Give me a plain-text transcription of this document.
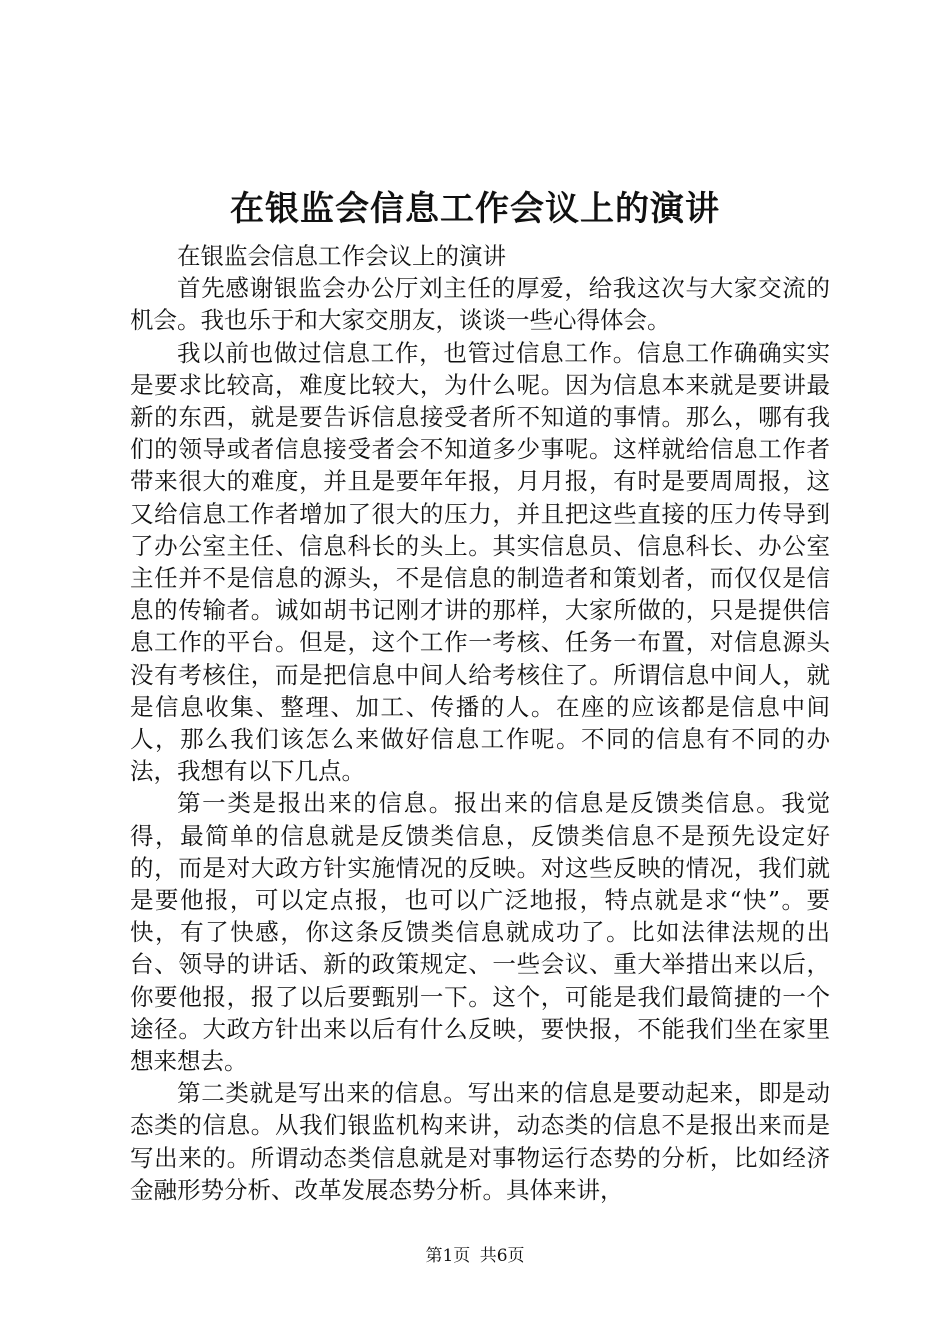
在银监会信息工作会议上的演讲

在银监会信息工作会议上的演讲

首先感谢银监会办公厅刘主任的厚爱，给我这次与大家交流的机会。我也乐于和大家交朋友，谈谈一些心得体会。

我以前也做过信息工作，也管过信息工作。信息工作确确实实是要求比较高，难度比较大，为什么呢。因为信息本来就是要讲最新的东西，就是要告诉信息接受者所不知道的事情。那么，哪有我们的领导或者信息接受者会不知道多少事呢。这样就给信息工作者带来很大的难度，并且是要年年报，月月报，有时是要周周报，这又给信息工作者增加了很大的压力，并且把这些直接的压力传导到了办公室主任、信息科长的头上。其实信息员、信息科长、办公室主任并不是信息的源头，不是信息的制造者和策划者，而仅仅是信息的传输者。诚如胡书记刚才讲的那样，大家所做的，只是提供信息工作的平台。但是，这个工作一考核、任务一布置，对信息源头没有考核住，而是把信息中间人给考核住了。所谓信息中间人，就是信息收集、整理、加工、传播的人。在座的应该都是信息中间人，那么我们该怎么来做好信息工作呢。不同的信息有不同的办法，我想有以下几点。

第一类是报出来的信息。报出来的信息是反馈类信息。我觉得，最简单的信息就是反馈类信息，反馈类信息不是预先设定好的，而是对大政方针实施情况的反映。对这些反映的情况，我们就是要他报，可以定点报，也可以广泛地报，特点就是求“快”。要快，有了快感，你这条反馈类信息就成功了。比如法律法规的出台、领导的讲话、新的政策规定、一些会议、重大举措出来以后，你要他报，报了以后要甄别一下。这个，可能是我们最简捷的一个途径。大政方针出来以后有什么反映，要快报，不能我们坐在家里想来想去。

第二类就是写出来的信息。写出来的信息是要动起来，即是动态类的信息。从我们银监机构来讲，动态类的信息不是报出来而是写出来的。所谓动态类信息就是对事物运行态势的分析，比如经济金融形势分析、改革发展态势分析。具体来讲，

第1页 共6页
